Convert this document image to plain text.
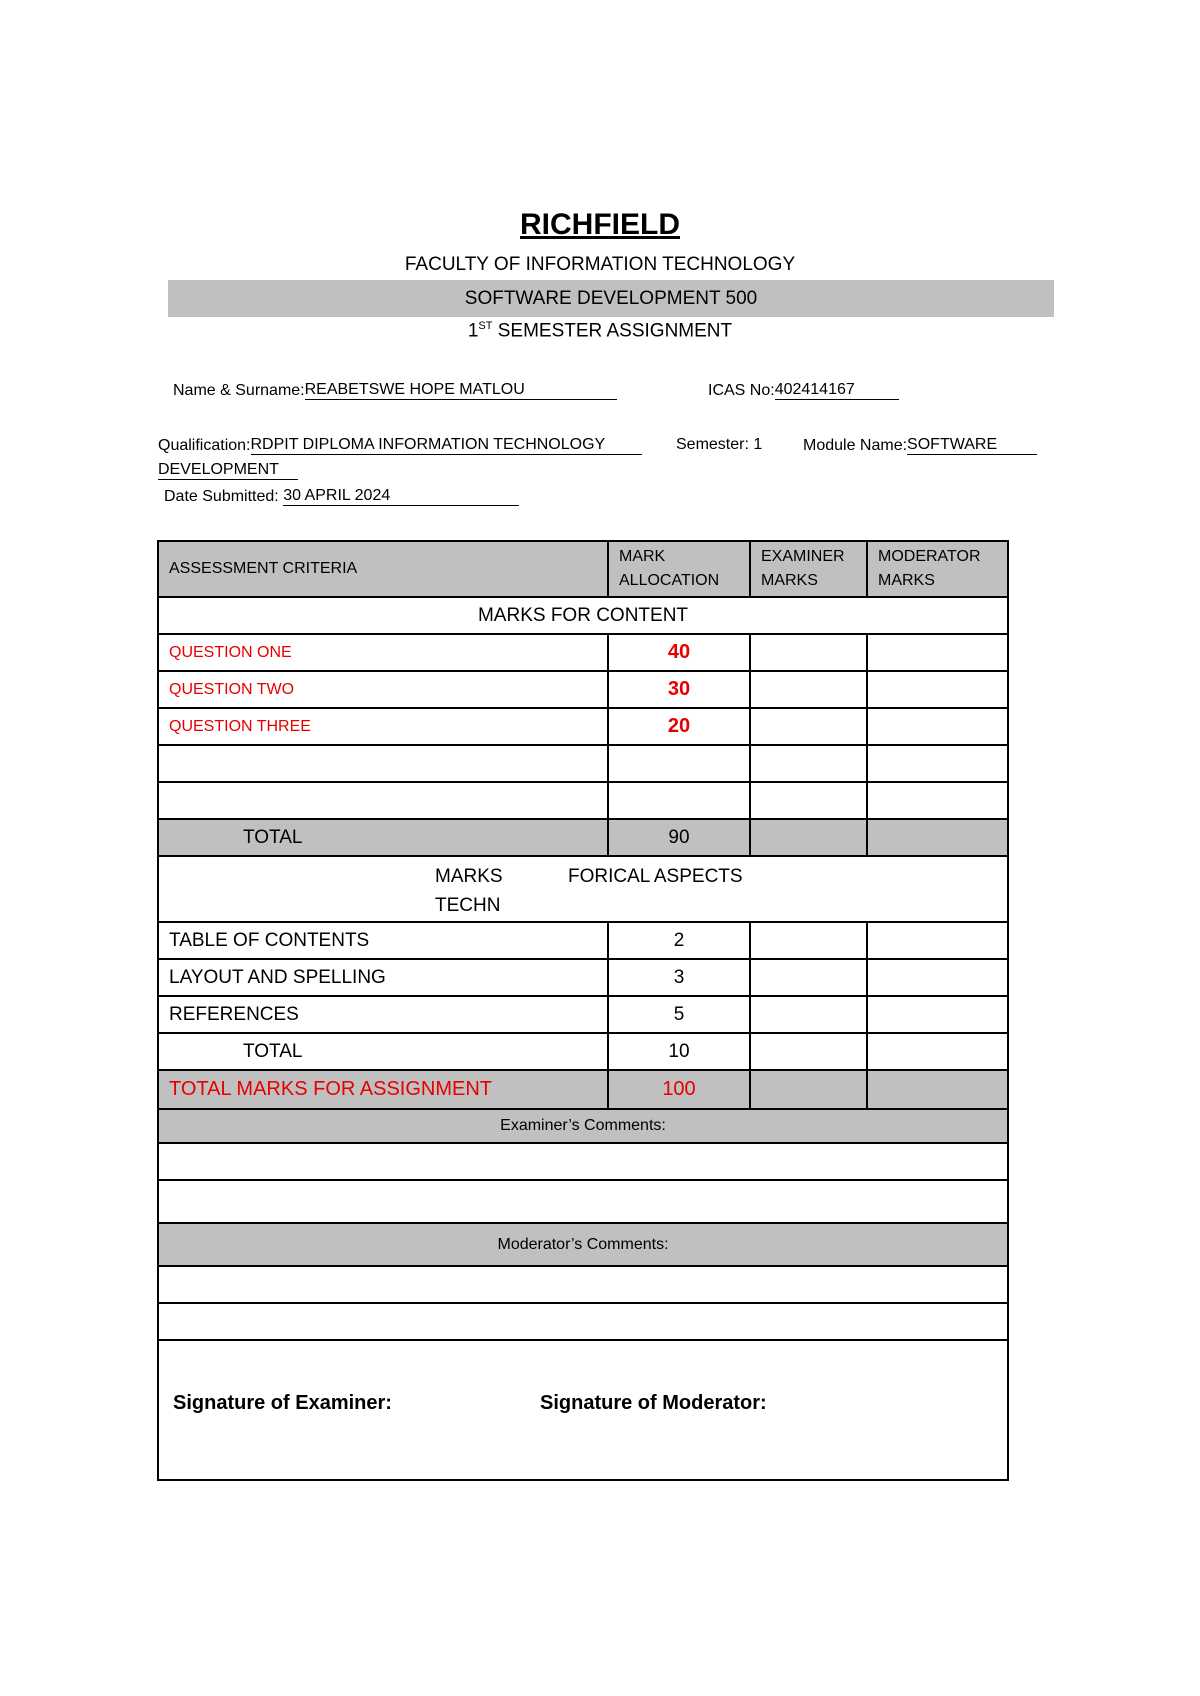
RICHFIELD
FACULTY OF INFORMATION TECHNOLOGY
SOFTWARE DEVELOPMENT 500
1ST SEMESTER ASSIGNMENT
Name & Surname:REABETSWE HOPE MATLOU	ICAS No:402414167
Qualification:RDPIT DIPLOMA INFORMATION TECHNOLOGY	Semester: 1	Module Name:SOFTWARE
DEVELOPMENT
Date Submitted: 30 APRIL 2024
ASSESSMENT CRITERIA	MARK ALLOCATION	EXAMINER MARKS	MODERATOR MARKS
MARKS FOR CONTENT			
QUESTION ONE	40		
QUESTION TWO	30		
QUESTION THREE	20		

TOTAL	90		

MARKS FORICAL ASPECTS
TECHN			

TABLE OF CONTENTS	2		
LAYOUT AND SPELLING	3		
REFERENCES	5		
TOTAL	10		
TOTAL MARKS FOR ASSIGNMENT	100		
Examiner’s Comments:			

Moderator’s Comments:			

Signature of Examiner: Signature of Moderator:			
